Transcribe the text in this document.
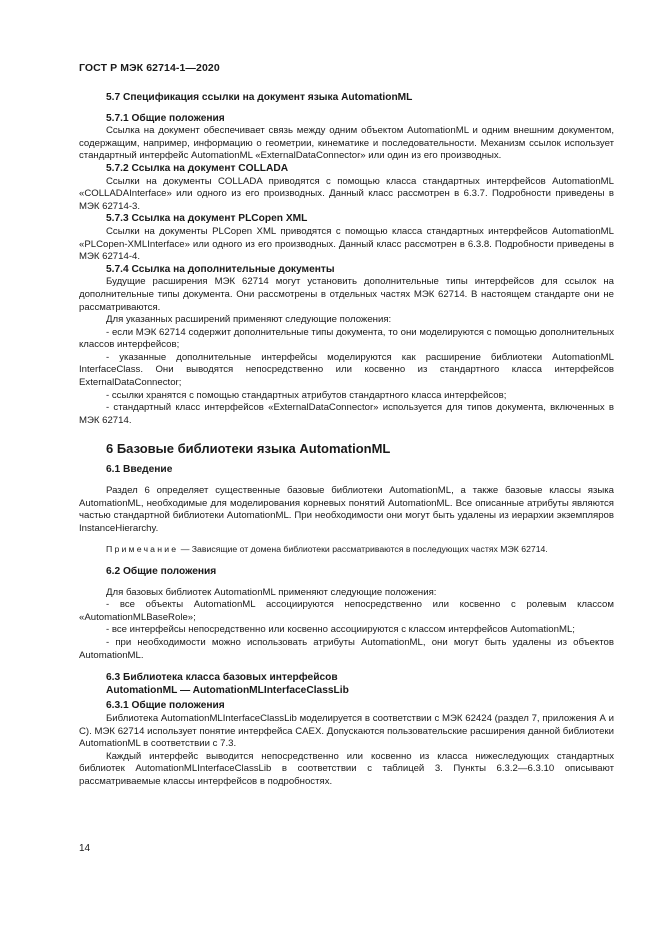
ГОСТ Р МЭК 62714-1—2020

5.7 Спецификация ссылки на документ языка AutomationML

5.7.1 Общие положения

Ссылка на документ обеспечивает связь между одним объектом AutomationML и одним внешним документом, содержащим, например, информацию о геометрии, кинематике и последовательности. Механизм ссылок использует стандартный интерфейс AutomationML «ExternalDataConnector» или один из его производных.

5.7.2 Ссылка на документ COLLADA

Ссылки на документы COLLADA приводятся с помощью класса стандартных интерфейсов AutomationML «COLLADAInterface» или одного из его производных. Данный класс рассмотрен в 6.3.7. Подробности приведены в МЭК 62714-3.

5.7.3 Ссылка на документ PLCopen XML

Ссылки на документы PLCopen XML приводятся с помощью класса стандартных интерфейсов AutomationML «PLCopen-XMLInterface» или одного из его производных. Данный класс рассмотрен в 6.3.8. Подробности приведены в МЭК 62714-4.

5.7.4 Ссылка на дополнительные документы

Будущие расширения МЭК 62714 могут установить дополнительные типы интерфейсов для ссылок на дополнительные типы документа. Они рассмотрены в отдельных частях МЭК 62714. В настоящем стандарте они не рассматриваются.

Для указанных расширений применяют следующие положения:

- если МЭК 62714 содержит дополнительные типы документа, то они моделируются с помощью дополнительных классов интерфейсов;

- указанные дополнительные интерфейсы моделируются как расширение библиотеки AutomationML InterfaceClass. Они выводятся непосредственно или косвенно из стандартного класса интерфейсов ExternalDataConnector;

- ссылки хранятся с помощью стандартных атрибутов стандартного класса интерфейсов;

- стандартный класс интерфейсов «ExternalDataConnector» используется для типов документа, включенных в МЭК 62714.

6 Базовые библиотеки языка AutomationML

6.1 Введение

Раздел 6 определяет существенные базовые библиотеки AutomationML, а также базовые классы языка AutomationML, необходимые для моделирования корневых понятий AutomationML. Все описанные атрибуты являются частью стандартной библиотеки AutomationML. При необходимости они могут быть удалены из иерархии экземпляров InstanceHierarchy.

Примечание — Зависящие от домена библиотеки рассматриваются в последующих частях МЭК 62714.

6.2 Общие положения

Для базовых библиотек AutomationML применяют следующие положения:

- все объекты AutomationML ассоциируются непосредственно или косвенно с ролевым классом «AutomationMLBaseRole»;

- все интерфейсы непосредственно или косвенно ассоциируются с классом интерфейсов AutomationML;

- при необходимости можно использовать атрибуты AutomationML, они могут быть удалены из объектов AutomationML.

6.3 Библиотека класса базовых интерфейсов

AutomationML — AutomationMLInterfaceClassLib

6.3.1 Общие положения

Библиотека AutomationMLInterfaceClassLib моделируется в соответствии с МЭК 62424 (раздел 7, приложения А и С). МЭК 62714 использует понятие интерфейса CAEX. Допускаются пользовательские расширения данной библиотеки AutomationML в соответствии с 7.3.

Каждый интерфейс выводится непосредственно или косвенно из класса нижеследующих стандартных библиотек AutomationMLInterfaceClassLib в соответствии с таблицей 3. Пункты 6.3.2—6.3.10 описывают рассматриваемые классы интерфейсов в подробностях.

14
